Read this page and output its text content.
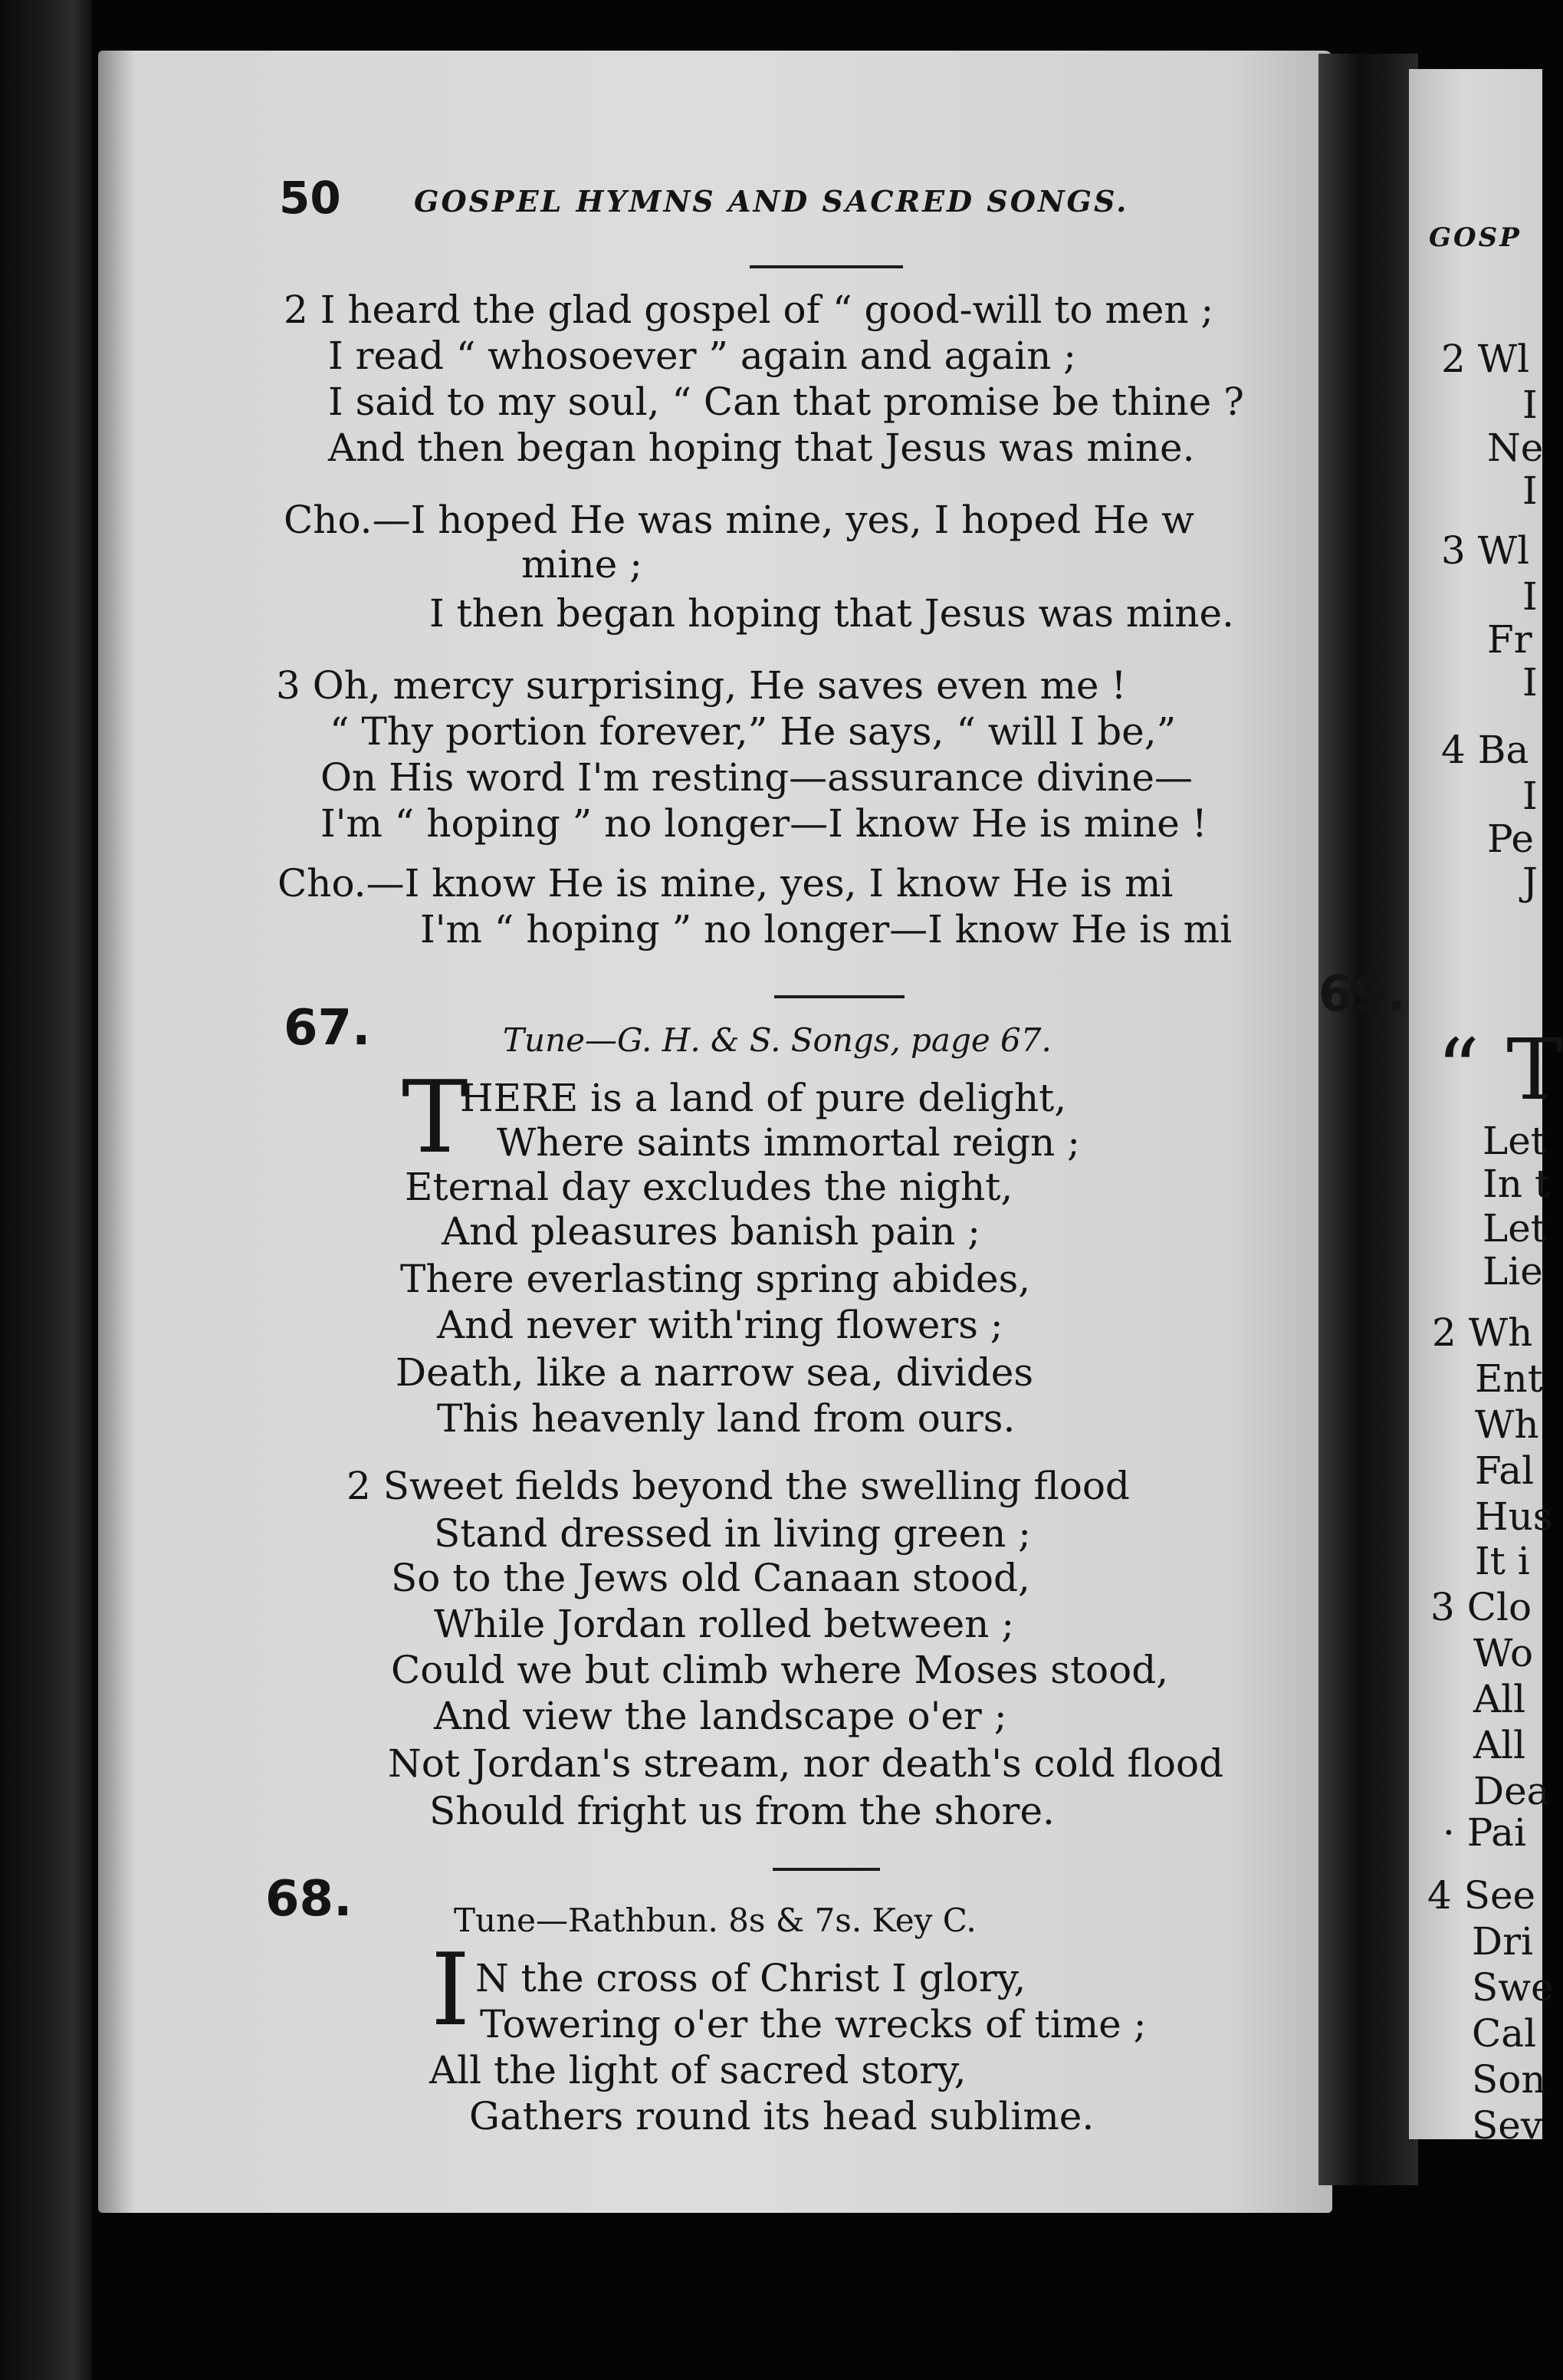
50	GOSPEL HYMNS AND SACRED SONGS.
2 I heard the glad gospel of “ good-will to men ;
I read “ whosoever ” again and again ;
I said to my soul, “ Can that promise be thine ?
And then began hoping that Jesus was mine.
Cho.—I hoped He was mine, yes, I hoped He w
mine ;
I then began hoping that Jesus was mine.
3 Oh, mercy surprising, He saves even me !
“ Thy portion forever,” He says, “ will I be,”
On His word I'm resting—assurance divine—
I'm “ hoping ” no longer—I know He is mine !
Cho.—I know He is mine, yes, I know He is mi
I'm “ hoping ” no longer—I know He is mi
67.	Tune—G. H. & S. Songs, page 67.
T
HERE is a land of pure delight,
Where saints immortal reign ;
Eternal day excludes the night,
And pleasures banish pain ;
There everlasting spring abides,
And never with'ring flowers ;
Death, like a narrow sea, divides
This heavenly land from ours.
2 Sweet fields beyond the swelling flood
Stand dressed in living green ;
So to the Jews old Canaan stood,
While Jordan rolled between ;
Could we but climb where Moses stood,
And view the landscape o'er ;
Not Jordan's stream, nor death's cold flood
Should fright us from the shore.
68.	Tune—Rathbun. 8s & 7s. Key C.
I N the cross of Christ I glory,
Towering o'er the wrecks of time ;
All the light of sacred story,
Gathers round its head sublime.
GOSP
2 Wl
I
Ne
I
3 Wl
I
Fr
I
4 Ba
I
Pe
J
69.
“ T
Let
In t
Let
Lie
2 Wh
Ent
Wh
Fal
Hus
It i
3 Clo
Wo
All
All
Dea
· Pai
4 See
Dri
Swe
Cal
Son
Sev
